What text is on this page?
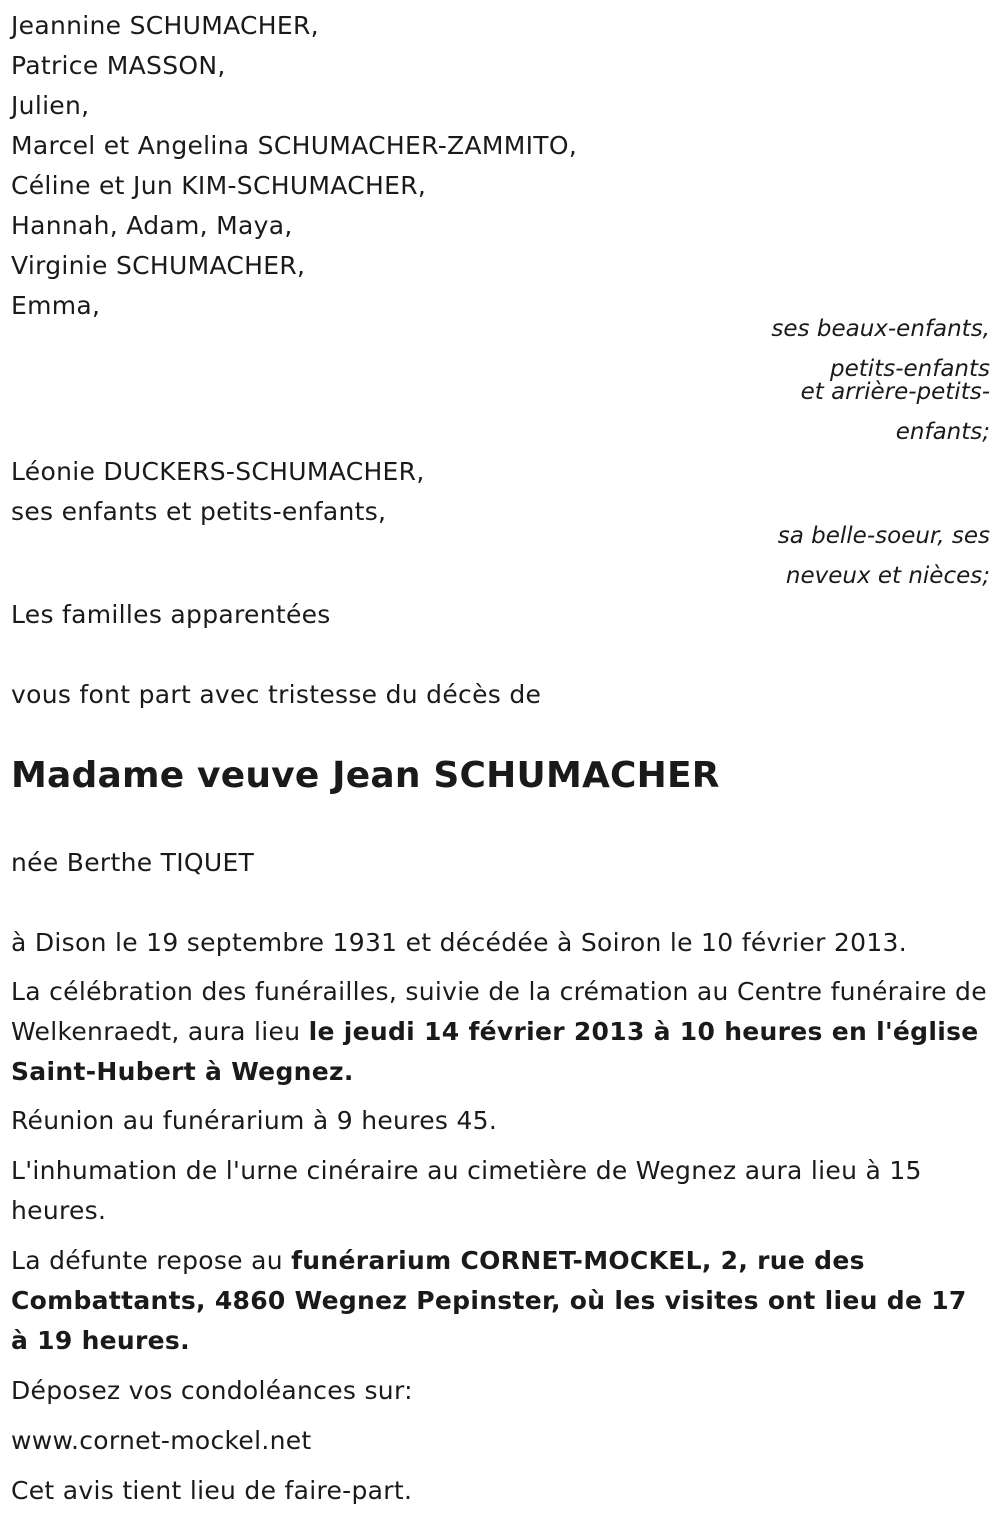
Jeannine SCHUMACHER,
Patrice MASSON,
Julien,
Marcel et Angelina SCHUMACHER-ZAMMITO,
Céline et Jun KIM-SCHUMACHER,
Hannah, Adam, Maya,
Virginie SCHUMACHER,
Emma,
ses beaux-enfants,
petits-enfants
et arrière-petits-
enfants;
Léonie DUCKERS-SCHUMACHER,
ses enfants et petits-enfants,
sa belle-soeur, ses
neveux et nièces;
Les familles apparentées
vous font part avec tristesse du décès de
Madame veuve Jean SCHUMACHER
née Berthe TIQUET
à Dison le 19 septembre 1931 et décédée à Soiron le 10 février 2013.
La célébration des funérailles, suivie de la crémation au Centre funéraire de Welkenraedt, aura lieu le jeudi 14 février 2013 à 10 heures en l'église Saint-Hubert à Wegnez.
Réunion au funérarium à 9 heures 45.
L'inhumation de l'urne cinéraire au cimetière de Wegnez aura lieu à 15 heures.
La défunte repose au funérarium CORNET-MOCKEL, 2, rue des Combattants, 4860 Wegnez Pepinster, où les visites ont lieu de 17 à 19 heures.
Déposez vos condoléances sur:
www.cornet-mockel.net
Cet avis tient lieu de faire-part.
